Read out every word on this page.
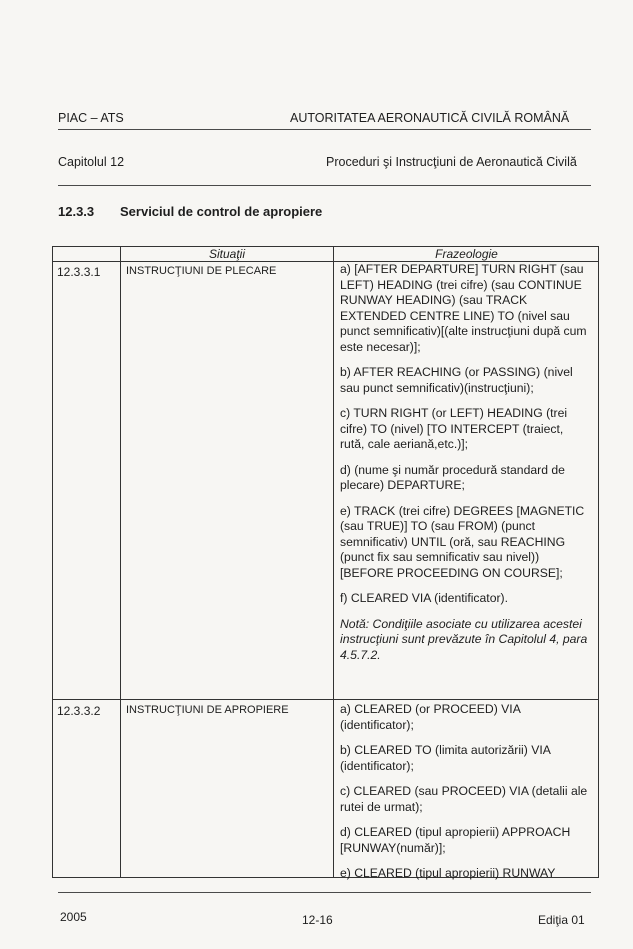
PIAC – ATS	AUTORITATEA AERONAUTICĂ CIVILĂ ROMÂNĂ
Capitolul 12	Proceduri şi Instrucţiuni de Aeronautică Civilă
12.3.3 Serviciul de control de apropiere
Situaţii	Frazeologie
12.3.3.1 INSTRUCŢIUNI DE PLECARE	a) [AFTER DEPARTURE] TURN RIGHT (sau LEFT) HEADING (trei cifre) (sau CONTINUE RUNWAY HEADING) (sau TRACK EXTENDED CENTRE LINE) TO (nivel sau punct semnificativ)[(alte instrucţiuni după cum este necesar)];

b) AFTER REACHING (or PASSING) (nivel sau punct semnificativ)(instrucţiuni);

c) TURN RIGHT (or LEFT) HEADING (trei cifre) TO (nivel) [TO INTERCEPT (traiect, rută, cale aeriană,etc.)];

d) (nume şi număr procedură standard de plecare) DEPARTURE;

e) TRACK (trei cifre) DEGREES [MAGNETIC (sau TRUE)] TO (sau FROM) (punct semnificativ) UNTIL (oră, sau REACHING (punct fix sau semnificativ sau nivel)) [BEFORE PROCEEDING ON COURSE];

f) CLEARED VIA (identificator).

Notă: Condiţiile asociate cu utilizarea acestei instrucţiuni sunt prevăzute în Capitolul 4, para 4.5.7.2.

12.3.3.2 INSTRUCŢIUNI DE APROPIERE	a) CLEARED (or PROCEED) VIA (identificator);

b) CLEARED TO (limita autorizării) VIA (identificator);

c) CLEARED (sau PROCEED) VIA (detalii ale rutei de urmat);

d) CLEARED (tipul apropierii) APPROACH [RUNWAY(număr)];

e) CLEARED (tipul apropierii) RUNWAY

2005	12-16	Ediţia 01
